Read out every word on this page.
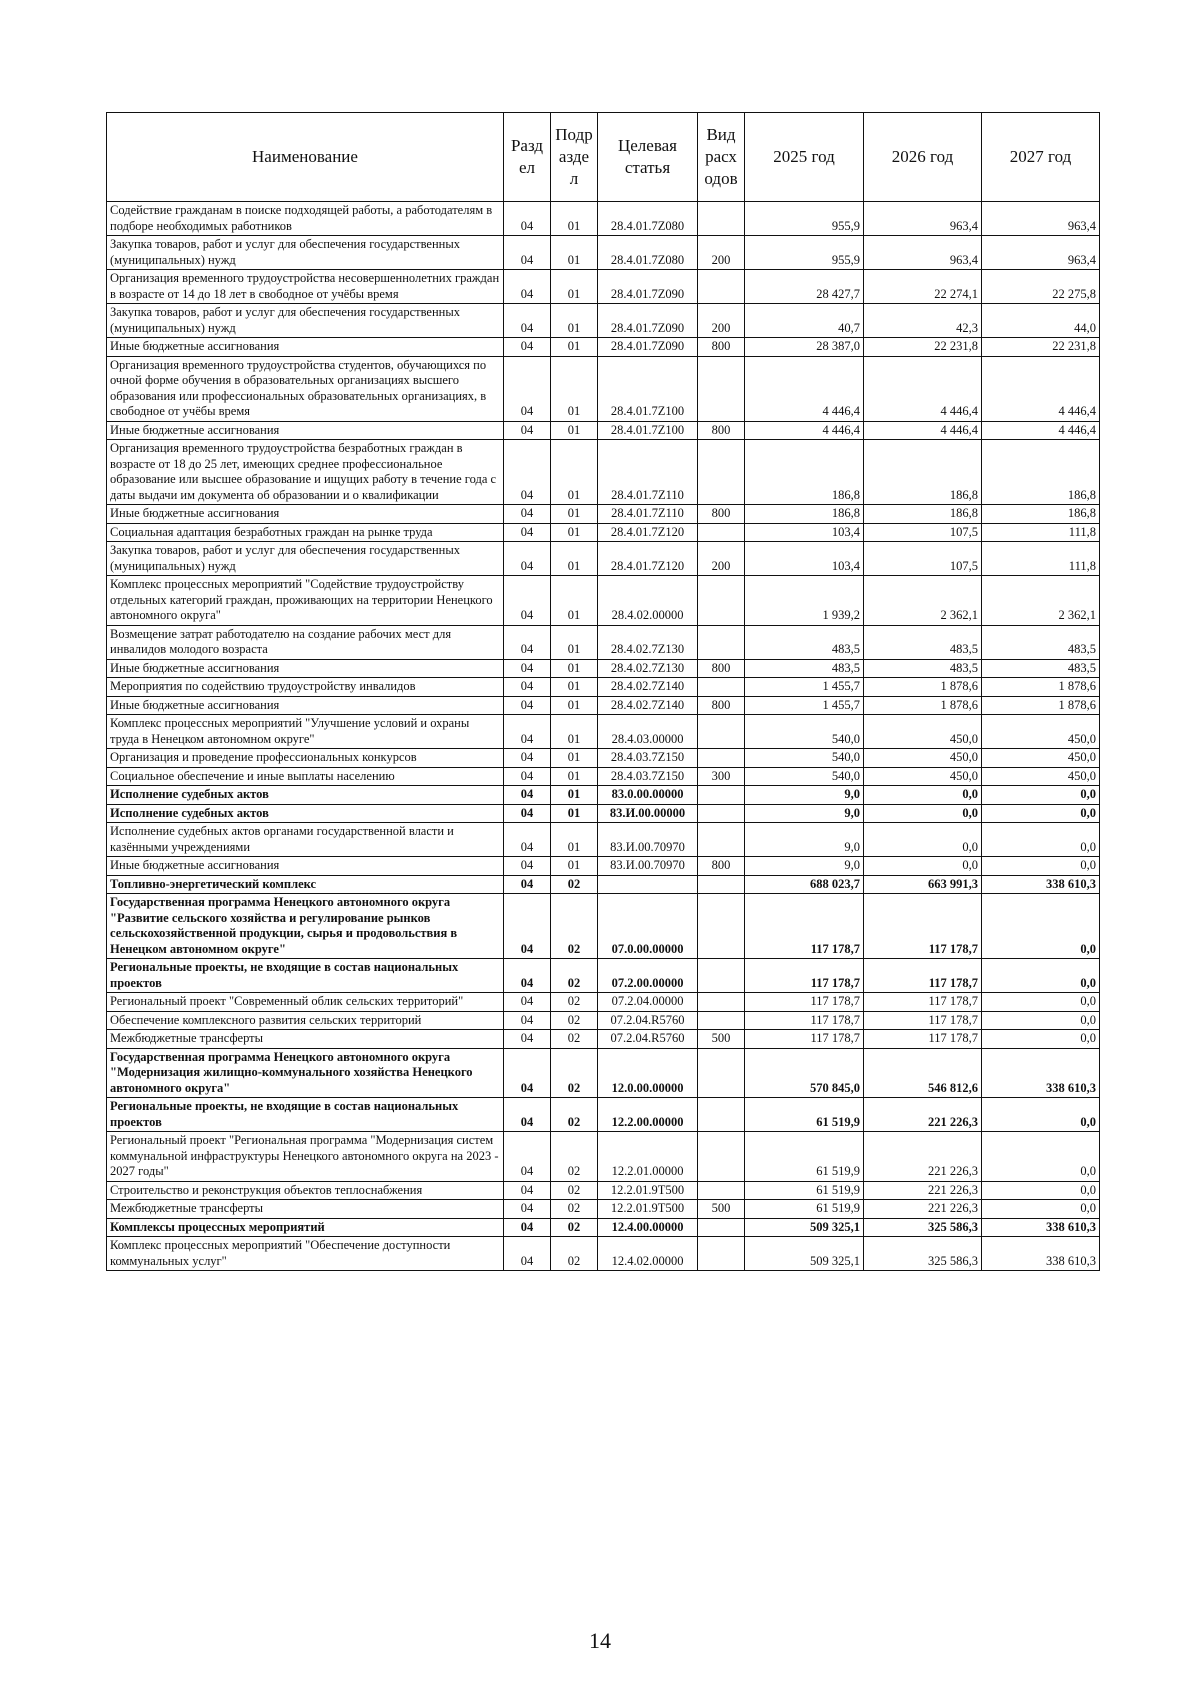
Наименование	Разд ел	Подр азде л	Целевая статья	Вид расх одов	2025 год	2026 год	2027 год
Содействие гражданам в поиске подходящей работы, а работодателям в подборе необходимых работников	04	01	28.4.01.7Z080		955,9	963,4	963,4
Закупка товаров, работ и услуг для обеспечения государственных (муниципальных) нужд	04	01	28.4.01.7Z080	200	955,9	963,4	963,4
Организация временного трудоустройства несовершеннолетних граждан в возрасте от 14 до 18 лет в свободное от учёбы время	04	01	28.4.01.7Z090		28 427,7	22 274,1	22 275,8
Закупка товаров, работ и услуг для обеспечения государственных (муниципальных) нужд	04	01	28.4.01.7Z090	200	40,7	42,3	44,0
Иные бюджетные ассигнования	04	01	28.4.01.7Z090	800	28 387,0	22 231,8	22 231,8
Организация временного трудоустройства студентов, обучающихся по очной форме обучения в образовательных организациях высшего образования или профессиональных образовательных организациях, в свободное от учёбы время	04	01	28.4.01.7Z100		4 446,4	4 446,4	4 446,4
Иные бюджетные ассигнования	04	01	28.4.01.7Z100	800	4 446,4	4 446,4	4 446,4
Организация временного трудоустройства безработных граждан в возрасте от 18 до 25 лет, имеющих среднее профессиональное образование или высшее образование и ищущих работу в течение года с даты выдачи им документа об образовании и о квалификации	04	01	28.4.01.7Z110		186,8	186,8	186,8
Иные бюджетные ассигнования	04	01	28.4.01.7Z110	800	186,8	186,8	186,8
Социальная адаптация безработных граждан на рынке труда	04	01	28.4.01.7Z120		103,4	107,5	111,8
Закупка товаров, работ и услуг для обеспечения государственных (муниципальных) нужд	04	01	28.4.01.7Z120	200	103,4	107,5	111,8
Комплекс процессных мероприятий "Содействие трудоустройству отдельных категорий граждан, проживающих на территории Ненецкого автономного округа"	04	01	28.4.02.00000		1 939,2	2 362,1	2 362,1
Возмещение затрат работодателю на создание рабочих мест для инвалидов молодого возраста	04	01	28.4.02.7Z130		483,5	483,5	483,5
Иные бюджетные ассигнования	04	01	28.4.02.7Z130	800	483,5	483,5	483,5
Мероприятия по содействию трудоустройству инвалидов	04	01	28.4.02.7Z140		1 455,7	1 878,6	1 878,6
Иные бюджетные ассигнования	04	01	28.4.02.7Z140	800	1 455,7	1 878,6	1 878,6
Комплекс процессных мероприятий "Улучшение условий и охраны труда в Ненецком автономном округе"	04	01	28.4.03.00000		540,0	450,0	450,0
Организация и проведение профессиональных конкурсов	04	01	28.4.03.7Z150		540,0	450,0	450,0
Социальное обеспечение и иные выплаты населению	04	01	28.4.03.7Z150	300	540,0	450,0	450,0
Исполнение судебных актов	04	01	83.0.00.00000		9,0	0,0	0,0
Исполнение судебных актов	04	01	83.И.00.00000		9,0	0,0	0,0
Исполнение судебных актов органами государственной власти и казёнными учреждениями	04	01	83.И.00.70970		9,0	0,0	0,0
Иные бюджетные ассигнования	04	01	83.И.00.70970	800	9,0	0,0	0,0
Топливно-энергетический комплекс	04	02			688 023,7	663 991,3	338 610,3
Государственная программа Ненецкого автономного округа "Развитие сельского хозяйства и регулирование рынков сельскохозяйственной продукции, сырья и продовольствия в Ненецком автономном округе"	04	02	07.0.00.00000		117 178,7	117 178,7	0,0
Региональные проекты, не входящие в состав национальных проектов	04	02	07.2.00.00000		117 178,7	117 178,7	0,0
Региональный проект "Современный облик сельских территорий"	04	02	07.2.04.00000		117 178,7	117 178,7	0,0
Обеспечение комплексного развития сельских территорий	04	02	07.2.04.R5760		117 178,7	117 178,7	0,0
Межбюджетные трансферты	04	02	07.2.04.R5760	500	117 178,7	117 178,7	0,0
Государственная программа Ненецкого автономного округа "Модернизация жилищно-коммунального хозяйства Ненецкого автономного округа"	04	02	12.0.00.00000		570 845,0	546 812,6	338 610,3
Региональные проекты, не входящие в состав национальных проектов	04	02	12.2.00.00000		61 519,9	221 226,3	0,0
Региональный проект "Региональная программа "Модернизация систем коммунальной инфраструктуры Ненецкого автономного округа на 2023 - 2027 годы"	04	02	12.2.01.00000		61 519,9	221 226,3	0,0
Строительство и реконструкция объектов теплоснабжения	04	02	12.2.01.9T500		61 519,9	221 226,3	0,0
Межбюджетные трансферты	04	02	12.2.01.9T500	500	61 519,9	221 226,3	0,0
Комплексы процессных мероприятий	04	02	12.4.00.00000		509 325,1	325 586,3	338 610,3
Комплекс процессных мероприятий "Обеспечение доступности коммунальных услуг"	04	02	12.4.02.00000		509 325,1	325 586,3	338 610,3
14
